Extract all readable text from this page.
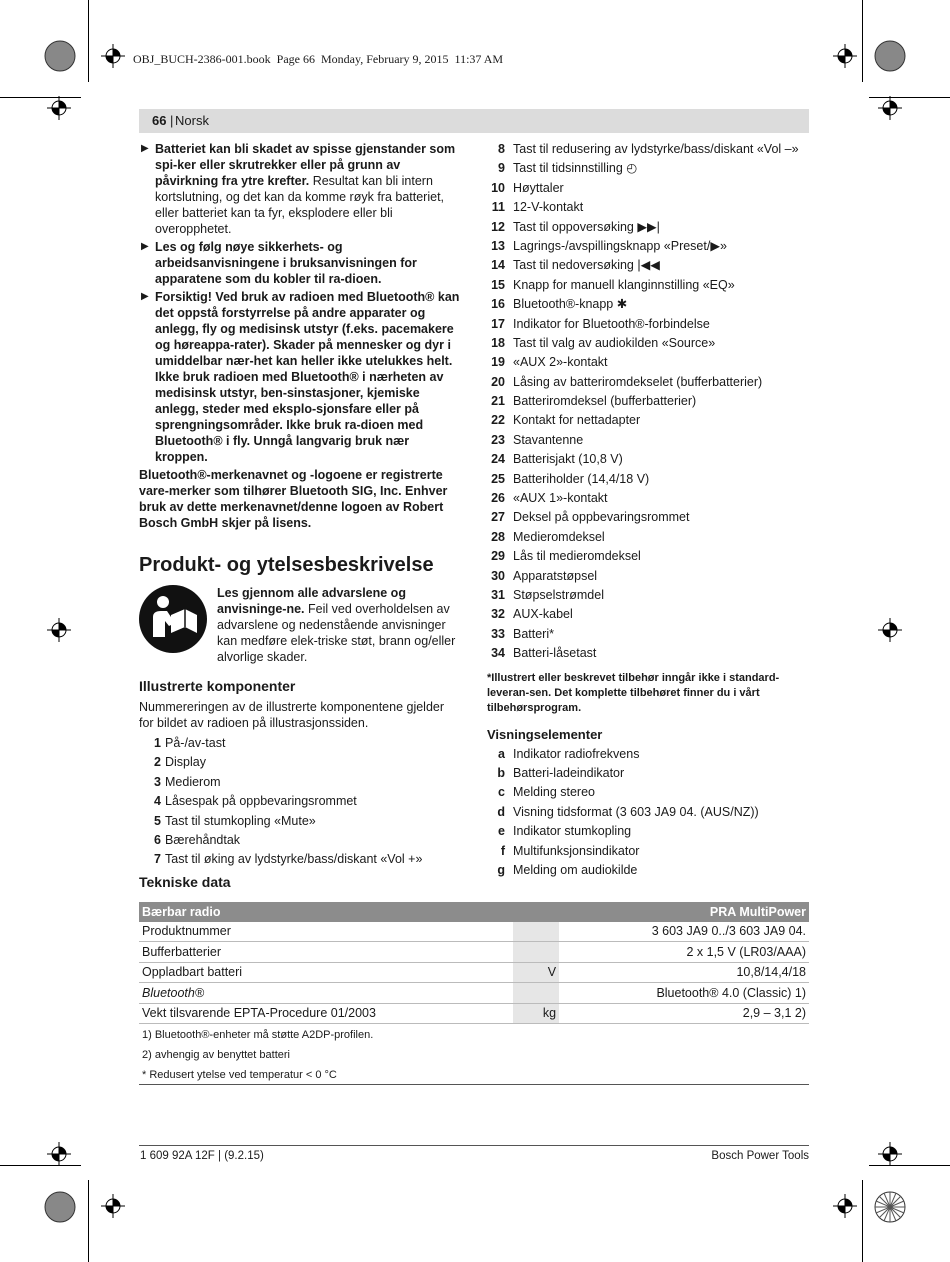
OBJ_BUCH-2386-001.book  Page 66  Monday, February 9, 2015  11:37 AM
66 | Norsk
▶ Batteriet kan bli skadet av spisse gjenstander som spi-ker eller skrutrekker eller på grunn av påvirkning fra ytre krefter. Resultat kan bli intern kortslutning, og det kan da komme røyk fra batteriet, eller batteriet kan ta fyr, eksplodere eller bli overopphetet.
▶ Les og følg nøye sikkerhets- og arbeidsanvisningene i bruksanvisningen for apparatene som du kobler til ra-dioen.
▶ Forsiktig! Ved bruk av radioen med Bluetooth® kan det oppstå forstyrrelse på andre apparater og anlegg, fly og medisinsk utstyr (f.eks. pacemakere og høreappa-rater). Skader på mennesker og dyr i umiddelbar nær-het kan heller ikke utelukkes helt. Ikke bruk radioen med Bluetooth® i nærheten av medisinsk utstyr, ben-sinstasjoner, kjemiske anlegg, steder med eksplo-sjonsfare eller på sprengningsområder. Ikke bruk ra-dioen med Bluetooth® i fly. Unngå langvarig bruk nær kroppen.

Bluetooth®-merkenavnet og -logoene er registrerte vare-merker som tilhører Bluetooth SIG, Inc. Enhver bruk av dette merkenavnet/denne logoen av Robert Bosch GmbH skjer på lisens.

Produkt- og ytelsesbeskrivelse

Les gjennom alle advarslene og anvisninge-ne. Feil ved overholdelsen av advarslene og nedenstående anvisninger kan medføre elek-triske støt, brann og/eller alvorlige skader.

Illustrerte komponenter

Nummereringen av de illustrerte komponentene gjelder for bildet av radioen på illustrasjonssiden.

1 På-/av-tast
2 Display
3 Medierom
4 Låsespak på oppbevaringsrommet
5 Tast til stumkopling «Mute»
6 Bærehåndtak
7 Tast til øking av lydstyrke/bass/diskant «Vol +»
8 Tast til redusering av lydstyrke/bass/diskant «Vol –»
9 Tast til tidsinnstilling ◴
10 Høyttaler
11 12-V-kontakt
12 Tast til oppoversøking ▶▶|
13 Lagrings-/avspillingsknapp «Preset/▶»
14 Tast til nedoversøking |◀◀
15 Knapp for manuell klanginnstilling «EQ»
16 Bluetooth®-knapp ✱
17 Indikator for Bluetooth®-forbindelse
18 Tast til valg av audiokilden «Source»
19 «AUX 2»-kontakt
20 Låsing av batteriromdekselet (bufferbatterier)
21 Batteriromdeksel (bufferbatterier)
22 Kontakt for nettadapter
23 Stavantenne
24 Batterisjakt (10,8 V)
25 Batteriholder (14,4/18 V)
26 «AUX 1»-kontakt
27 Deksel på oppbevaringsrommet
28 Medieromdeksel
29 Lås til medieromdeksel
30 Apparatstøpsel
31 Støpselstrømdel
32 AUX-kabel
33 Batteri*
34 Batteri-låsetast

*Illustrert eller beskrevet tilbehør inngår ikke i standard-leveran-sen. Det komplette tilbehøret finner du i vårt tilbehørsprogram.

Visningselementer
a Indikator radiofrekvens
b Batteri-ladeindikator
c Melding stereo
d Visning tidsformat (3 603 JA9 04. (AUS/NZ))
e Indikator stumkopling
f Multifunksjonsindikator
g Melding om audiokilde
Tekniske data
Bærbar radio		PRA MultiPower
Produktnummer		3 603 JA9 0../3 603 JA9 04.
Bufferbatterier		2 x 1,5 V (LR03/AAA)
Oppladbart batteri	V	10,8/14,4/18
Bluetooth®		Bluetooth® 4.0 (Classic) 1)
Vekt tilsvarende EPTA-Procedure 01/2003	kg	2,9 – 3,1 2)
1) Bluetooth®-enheter må støtte A2DP-profilen.
2) avhengig av benyttet batteri
* Redusert ytelse ved temperatur < 0 °C
1 609 92A 12F | (9.2.15)	Bosch Power Tools
